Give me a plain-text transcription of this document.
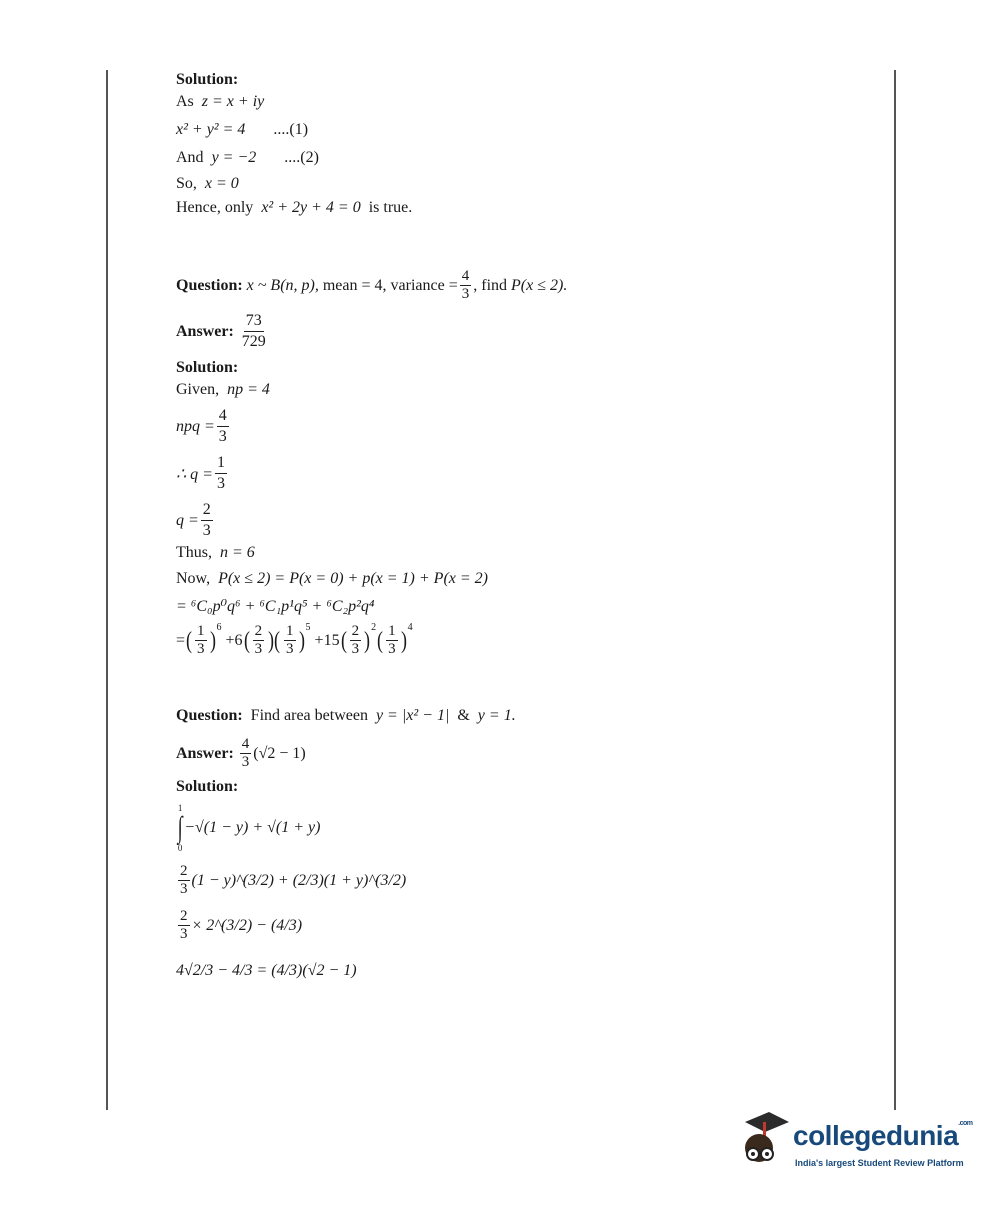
Solution:
As z = x + iy
x² + y² = 4 ....(1)
And y = −2 ....(2)
So, x = 0
Hence, only x² + 2y + 4 = 0 is true.
Question:
x ~ B(n, p),
mean = 4, variance = $\frac{4}{3}$ , find
P(x ≤ 2).
Answer:
$\frac{73}{729}$
Solution:
Given, np = 4
npq = $\frac{4}{3}$
∴ $q = \frac{1}{3}$
$q = \frac{2}{3}$
Thus, n = 6
Now, P(x ≤ 2) = P(x = 0) + p(x = 1) + P(x = 2)
= ⁶C₀p⁰q⁶ + ⁶C₁p¹q⁵ + ⁶C₂p²q⁴
= ( $\frac{1}{3} )^6$
+6 ( $\frac{2}{3}$ )( $\frac{1}{3} )^5$
+15 ( $\frac{2}{3} )^2$ ( $\frac{1}{3} )^4$
Question: Find area between y = |x² − 1| & y = 1.
Answer:
$\frac{4}{3} (√2 - 1)$
Solution:
1
∫
0
−√(1 − y) + √(1 + y)
$\frac{2}{3} (1$ − y)^(3/2) + (2/3)(1 + y)^(3/2)
$\frac{2}{3}$ × 2^(3/2) − (4/3)
4√2/3 − 4/3 = (4/3)(√2 − 1)
collegedunia$^{.com}$
India's largest Student Review Platform
